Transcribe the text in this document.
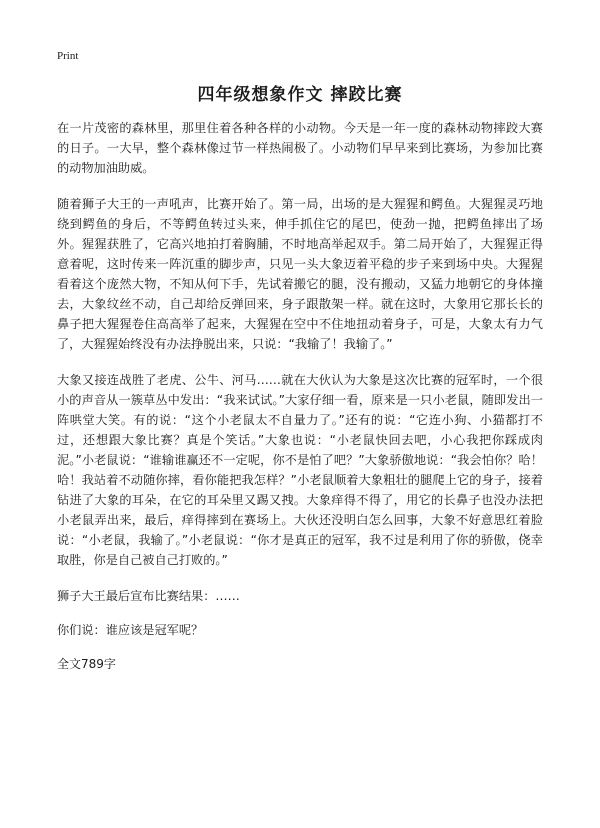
Print
四年级想象作文 摔跤比赛

在一片茂密的森林里，那里住着各种各样的小动物。今天是一年一度的森林动物摔跤大赛的日子。一大早，整个森林像过节一样热闹极了。小动物们早早来到比赛场，为参加比赛的动物加油助威。

随着狮子大王的一声吼声，比赛开始了。第一局，出场的是大猩猩和鳄鱼。大猩猩灵巧地绕到鳄鱼的身后，不等鳄鱼转过头来，伸手抓住它的尾巴，使劲一抛，把鳄鱼摔出了场外。猩猩获胜了，它高兴地拍打着胸脯，不时地高举起双手。第二局开始了，大猩猩正得意着呢，这时传来一阵沉重的脚步声，只见一头大象迈着平稳的步子来到场中央。大猩猩看着这个庞然大物，不知从何下手，先试着搬它的腿，没有搬动，又猛力地朝它的身体撞去，大象纹丝不动，自己却给反弹回来，身子跟散架一样。就在这时，大象用它那长长的鼻子把大猩猩卷住高高举了起来，大猩猩在空中不住地扭动着身子，可是，大象太有力气了，大猩猩始终没有办法挣脱出来，只说：“我输了！我输了。”

大象又接连战胜了老虎、公牛、河马……就在大伙认为大象是这次比赛的冠军时，一个很小的声音从一簇草丛中发出：“我来试试。”大家仔细一看，原来是一只小老鼠，随即发出一阵哄堂大笑。有的说：“这个小老鼠太不自量力了。”还有的说：“它连小狗、小猫都打不过，还想跟大象比赛？真是个笑话。”大象也说：“小老鼠快回去吧，小心我把你踩成肉泥。”小老鼠说：“谁输谁赢还不一定呢，你不是怕了吧？”大象骄傲地说：“我会怕你？哈！哈！我站着不动随你摔，看你能把我怎样？”小老鼠顺着大象粗壮的腿爬上它的身子，接着钻进了大象的耳朵，在它的耳朵里又踢又拽。大象痒得不得了，用它的长鼻子也没办法把小老鼠弄出来，最后，痒得摔到在赛场上。大伙还没明白怎么回事，大象不好意思红着脸说：“小老鼠，我输了。”小老鼠说：“你才是真正的冠军，我不过是利用了你的骄傲，侥幸取胜，你是自己被自己打败的。”

狮子大王最后宣布比赛结果：……

你们说：谁应该是冠军呢？

全文789字
